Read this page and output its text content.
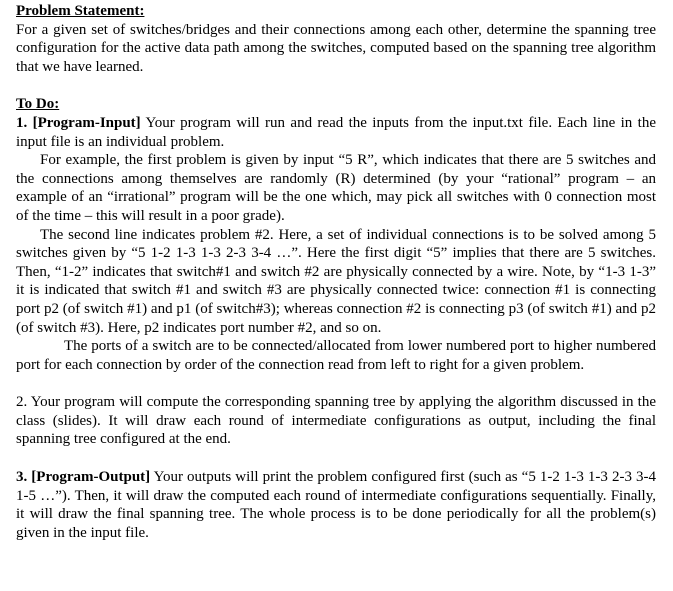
Problem Statement:

For a given set of switches/bridges and their connections among each other, determine the spanning tree configuration for the active data path among the switches, computed based on the spanning tree algorithm that we have learned.

To Do:

1. [Program-Input] Your program will run and read the inputs from the input.txt file. Each line in the input file is an individual problem.

For example, the first problem is given by input “5 R”, which indicates that there are 5 switches and the connections among themselves are randomly (R) determined (by your “rational” program – an example of an “irrational” program will be the one which, may pick all switches with 0 connection most of the time – this will result in a poor grade).

The second line indicates problem #2. Here, a set of individual connections is to be solved among 5 switches given by “5 1-2 1-3 1-3 2-3 3-4 …”. Here the first digit “5” implies that there are 5 switches. Then, “1-2” indicates that switch#1 and switch #2 are physically connected by a wire. Note, by “1-3 1-3” it is indicated that switch #1 and switch #3 are physically connected twice: connection #1 is connecting port p2 (of switch #1) and p1 (of switch#3); whereas connection #2 is connecting p3 (of switch #1) and p2 (of switch #3). Here, p2 indicates port number #2, and so on.

The ports of a switch are to be connected/allocated from lower numbered port to higher numbered port for each connection by order of the connection read from left to right for a given problem.

2. Your program will compute the corresponding spanning tree by applying the algorithm discussed in the class (slides). It will draw each round of intermediate configurations as output, including the final spanning tree configured at the end.

3. [Program-Output] Your outputs will print the problem configured first (such as “5 1-2 1-3 1-3 2-3 3-4 1-5 …”). Then, it will draw the computed each round of intermediate configurations sequentially. Finally, it will draw the final spanning tree. The whole process is to be done periodically for all the problem(s) given in the input file.
